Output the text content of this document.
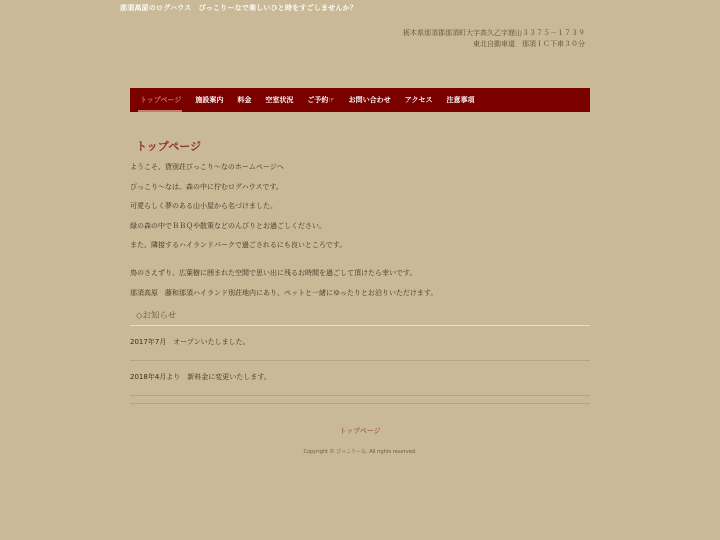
那須高原のログハウス　びっこりーなで楽しいひと時をすごしませんか？
栃木県那須郡那須町大字高久乙字遅山３３７５－１７３９
東北自動車道　那須ＩＣ下車３０分
トップページ	施設案内	料金	空室状況	ご予約☞	お問い合わせ	アクセス	注意事項
トップページ

ようこそ、貸別荘びっこり～なのホームページへ

びっこり～なは、森の中に佇むログハウスです。

可愛らしく夢のある山小屋から名づけました。

緑の森の中でＢＢＱや散策などのんびりとお過ごしください。

また、隣接するハイランドパークで過ごされるにも良いところです。

鳥のさえずり、広葉樹に囲まれた空間で思い出に残るお時間を過ごして頂けたら幸いです。

那須高原　藤和那須ハイランド別荘地内にあり、ペットと一緒にゆったりとお泊りいただけます。

◇お知らせ
2017年7月　オープンいたしました。
2018年4月より　新料金に変更いたします。
トップページ
Copyright © びっこりーな. All rights reserved.
